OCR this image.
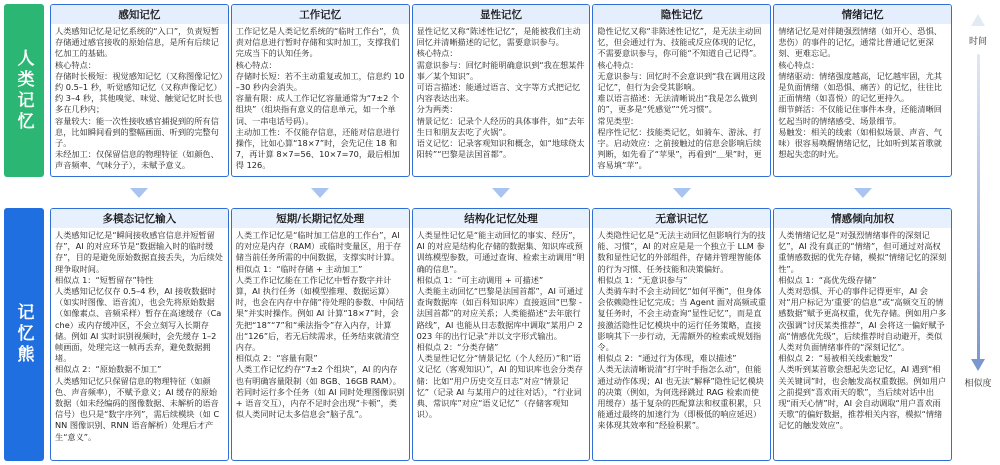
人类记忆
记忆熊
感知记忆
人类感知记忆是记忆系统的“入口”，负责短暂存储通过感官接收的原始信息，是所有后续记忆加工的基础。
核心特点：
存储时长极短：视觉感知记忆（又称图像记忆）约 0.5–1 秒，听觉感知记忆（又称声像记忆）约 3–4 秒，其他嗅觉、味觉、触觉记忆时长也多在几秒内；
容量较大：能一次性接收感官捕捉到的所有信息，比如瞬间看到的整幅画面、听到的完整句子。
未经加工：仅保留信息的物理特征（如颜色、声音频率、气味分子），未赋予意义。
工作记忆
工作记忆是人类记忆系统的“临时工作台”，负责对信息进行暂时存储和实时加工，支撑我们完成当下的认知任务。
核心特点：
存储时长短：若不主动重复或加工，信息约 10–30 秒内会消失。
容量有限：成人工作记忆容量通常为“7±2 个组块”（组块指有意义的信息单元，如一个单词、一串电话号码）。
主动加工性：不仅能存信息，还能对信息进行操作，比如心算“18×7”时，会先记住 18 和 7，再计算 8×7=56、10×7=70，最后相加得 126。
显性记忆
显性记忆又称“陈述性记忆”，是能被我们主动回忆并清晰描述的记忆，需要意识参与。
核心特点：
需意识参与：回忆时能明确意识到“我在想某件事／某个知识”。
可语言描述：能通过语言、文字等方式把记忆内容表达出来。
分为两类：
情景记忆：记录个人经历的具体事件，如“去年生日和朋友去吃了火锅”。
语义记忆：记录客观知识和概念，如“地球绕太阳转”“巴黎是法国首都”。
隐性记忆
隐性记忆又称“非陈述性记忆”，是无法主动回忆，但会通过行为、技能或反应体现的记忆，不需要意识参与，你可能“不知道自己记得”。
核心特点：
无意识参与：回忆时不会意识到“我在调用这段记忆”，但行为会受其影响。
难以语言描述：无法清晰说出“我是怎么做到的”，更多是“凭感觉”“凭习惯”。
常见类型：
程序性记忆：技能类记忆，如骑车、游泳、打字。启动效应：之前接触过的信息会影响后续判断，如先看了“苹果”，再看到“＿果”时，更容易填“苹”。
情绪记忆
情绪记忆是对伴随强烈情绪（如开心、恐惧、悲伤）的事件的记忆，通常比普通记忆更深刻、更难忘记。
核心特点：
情绪驱动：情绪强度越高，记忆越牢固，尤其是负面情绪（如恐惧、痛苦）的记忆，往往比正面情绪（如喜悦）的记忆更持久。
细节鲜活：不仅能记住事件本身，还能清晰回忆起当时的情绪感受、场景细节。
易触发：相关的线索（如相似场景、声音、气味）很容易唤醒情绪记忆，比如听到某首歌就想起失恋的时光。
多模态记忆输入
人类感知记忆是“瞬间接收感官信息并短暂留存”，AI 的对应环节是“数据输入时的临时缓存”，目的是避免原始数据直接丢失，为后续处理争取时间。
相似点 1：“短暂留存”特性
人类感知记忆仅存 0.5–4 秒，AI 接收数据时（如实时图像、语音流），也会先将原始数据（如像素点、音频采样）暂存在高速缓存（Cache）或内存缓冲区，不会立刻写入长期存储。例如 AI 实时识别视频时，会先缓存 1–2 帧画面，处理完这一帧再丢弃，避免数据拥堵。
相似点 2：“原始数据不加工”
人类感知记忆只保留信息的物理特征（如颜色、声音频率），不赋予意义；AI 缓存的原始数据（如未经编码的图像数据、未解析的语音信号）也只是“数字序列”，需后续模块（如 CNN 图像识别、RNN 语音解析）处理后才产生“意义”。
短期/长期记忆处理
人类工作记忆是“临时加工信息的工作台”，AI 的对应是内存（RAM）或临时变量区，用于存储当前任务所需的中间数据，支撑实时计算。
相似点 1：“临时存储 + 主动加工”
人类工作记忆能在工作记忆中暂存数字并计算，AI 执行任务（如模型推理、数据运算）时，也会在内存中存储“待处理的参数、中间结果”并实时操作。例如 AI 计算“18×7”时，会先把“18”“7”和“乘法指令”存入内存，计算出“126”后，若无后续需求，任务结束就清空内存。
相似点 2：“容量有限”
人类工作记忆约存“7±2 个组块”，AI 的内存也有明确容量限制（如 8GB、16GB RAM）。若同时运行多个任务（如 AI 同时处理图像识别 + 语音交互），内存不足时会出现“卡顿”，类似人类同时记太多信息会“脑子乱”。
结构化记忆处理
人类显性记忆是“能主动回忆的事实、经历”，AI 的对应是结构化存储的数据集、知识库或预训练模型参数，可通过查询、检索主动调用“明确的信息”。
相似点 1：“可主动调用 + 可描述”
人类能主动回忆“巴黎是法国首都”，AI 可通过查询数据库（如百科知识库）直接返回“巴黎 - 法国首都”的对应关系；人类能描述“去年旅行路线”，AI 也能从日志数据库中调取“某用户 2023 年的出行记录”并以文字形式输出。
相似点 2：“分类存储”
人类显性记忆分“情景记忆（个人经历）”和“语义记忆（客观知识）”，AI 的知识库也会分类存储：比如“用户历史交互日志”对应“情景记忆”（记录 AI 与某用户的过往对话），“行业词典、常识库”对应“语义记忆”（存储客观知识）。
无意识记忆
人类隐性记忆是“无法主动回忆但影响行为的技能、习惯”，AI 的对应是是一个独立于 LLM 参数和显性记忆的外部组件，存储并管理智能体的行为习惯、任务技能和决策偏好。
相似点 1：“无意识参与”
人类骑车时不会主动回忆“如何平衡”，但身体会依赖隐性记忆完成；当 Agent 面对高频或重复任务时，不会主动查询“显性记忆”，而是直接激活隐性记忆模块中的运行任务策略，直接影响其下一步行动，无需额外的检索或规划指令。
相似点 2：“通过行为体现，难以描述”
人类无法清晰说清“打字时手指怎么动”，但能通过动作体现；AI 也无法“解释”隐性记忆模块的决策（例如，为何选择跳过 RAG 检索而使用缓存）基于复杂的匹配算法和权重积累，只能通过最终的加速行为（即极低的响应延迟）来体现其效率和“经验积累”。
情感倾向加权
人类情绪记忆是“对强烈情绪事件的深刻记忆”，AI 没有真正的“情绪”，但可通过对高权重情感数据的优先存储，模拟“情绪记忆的深刻性”。
相似点 1：“高优先级存储”
人类对恐惧、开心的事件记得更牢，AI 会对“用户标记为‘重要’的信息”或“高频交互的情感数据”赋予更高权重，优先存储。例如用户多次强调“讨厌某类推荐”，AI 会将这一偏好赋予高“情感优先级”，后续推荐时自动避开，类似人类对负面情绪事件的“深刻记忆”。
相似点 2：“易被相关线索触发”
人类听到某首歌会想起失恋记忆，AI 遇到“相关关键词”时，也会触发高权重数据。例如用户之前提到“喜欢雨天的歌”，当后续对话中出现“雨天心情”时，AI 会自动调取“用户喜欢雨天歌”的偏好数据，推荐相关内容，模拟“情绪记忆的触发效应”。
时间
相似度
